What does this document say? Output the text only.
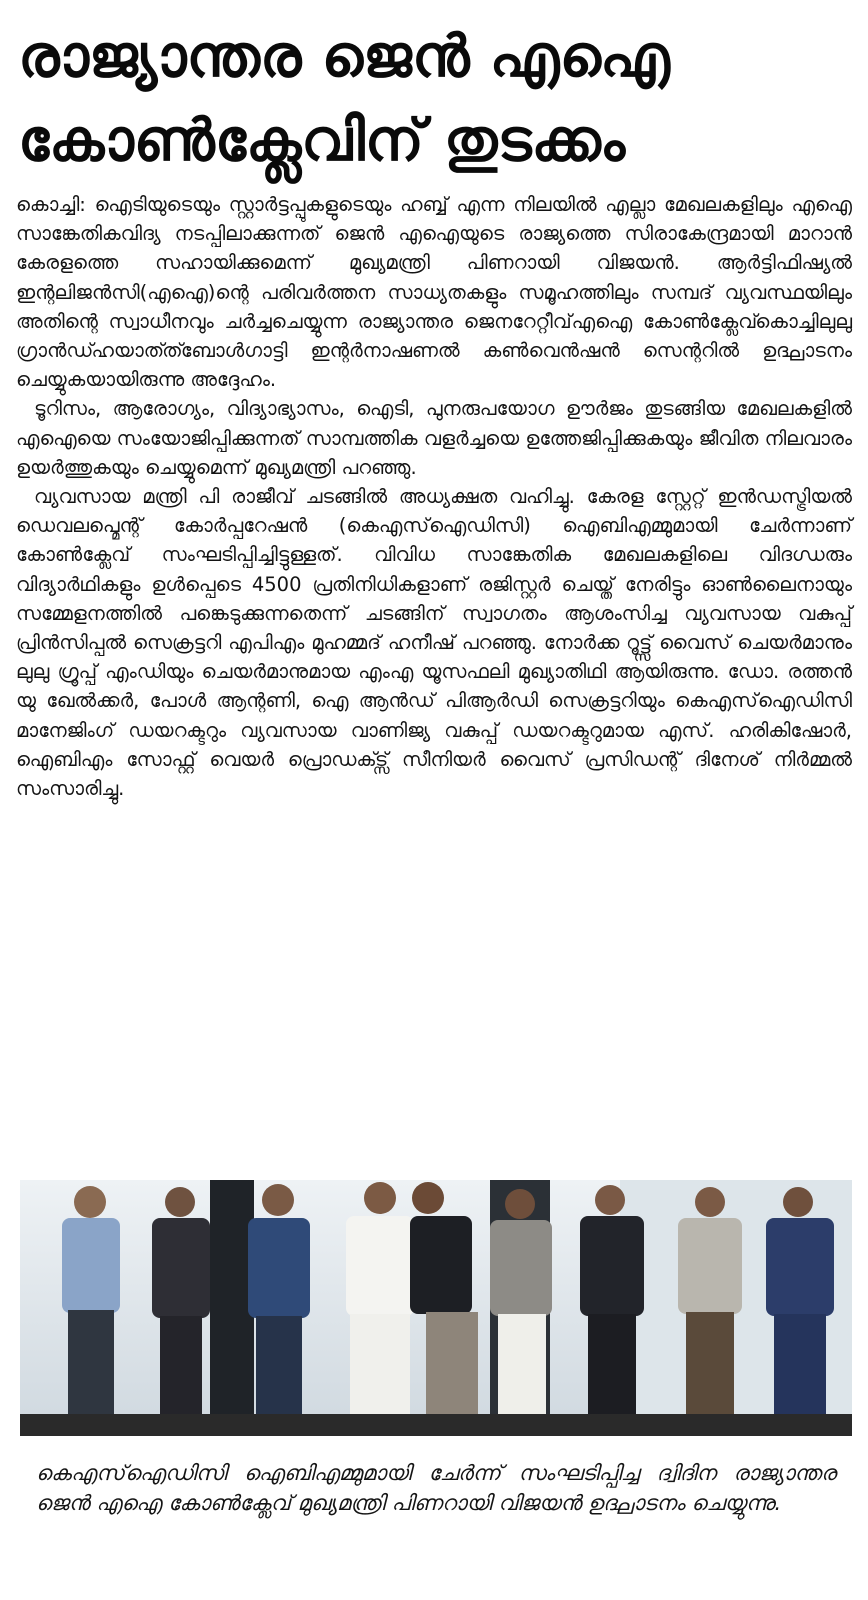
രാജ്യാന്തര ജെൻ എഐ
കോൺക്ലേവിന് തുടക്കം

കൊച്ചി: ഐടിയുടെയും സ്റ്റാർട്ടപ്പുകളുടെയും ഹബ്ബ് എന്ന നിലയിൽ എല്ലാ മേഖലകളിലും എഐ സാങ്കേതികവിദ്യ നടപ്പിലാക്കുന്നത് ജെൻ എഐയുടെ രാജ്യത്തെ സിരാകേന്ദ്രമായി മാറാൻ കേരളത്തെ സഹായിക്കുമെന്ന് മുഖ്യമന്ത്രി പിണറായി വിജയൻ. ആർട്ടിഫിഷ്യൽ ഇന്റലിജൻസി(എഐ)ന്റെ പരിവർത്തന സാധ്യതകളും സമൂഹത്തിലും സമ്പദ് വ്യവസ്ഥയിലും അതിന്റെ സ്വാധീനവും ചർച്ചചെയ്യുന്ന രാജ്യാന്തര ജെനറേറ്റീവ്എഐ കോൺക്ലേവ്കൊച്ചിലുലു ഗ്രാൻഡ്ഹയാത്ത്ബോൾഗാട്ടി ഇന്റർനാഷണൽ കൺവെൻഷൻ സെന്ററിൽ ഉദ്ഘാടനം ചെയ്യുകയായിരുന്നു അദ്ദേഹം.

ടൂറിസം, ആരോഗ്യം, വിദ്യാഭ്യാസം, ഐടി, പുനരുപയോഗ ഊർജം തുടങ്ങിയ മേഖലകളിൽ എഐയെ സംയോജിപ്പിക്കുന്നത് സാമ്പത്തിക വളർച്ചയെ ഉത്തേജിപ്പിക്കുകയും ജീവിത നിലവാരം ഉയർത്തുകയും ചെയ്യുമെന്ന് മുഖ്യമന്ത്രി പറഞ്ഞു.

വ്യവസായ മന്ത്രി പി രാജീവ് ചടങ്ങിൽ അധ്യക്ഷത വഹിച്ചു. കേരള സ്റ്റേറ്റ് ഇൻഡസ്ട്രിയൽ ഡെവലപ്മെന്റ് കോർപ്പറേഷൻ (കെഎസ്ഐഡിസി) ഐബിഎമ്മുമായി ചേർന്നാണ് കോൺക്ലേവ് സംഘടിപ്പിച്ചിട്ടുള്ളത്. വിവിധ സാങ്കേതിക മേഖലകളിലെ വിദഗ്ധരും വിദ്യാർഥികളും ഉൾപ്പെടെ 4500 പ്രതിനിധികളാണ് രജിസ്റ്റർ ചെയ്ത് നേരിട്ടും ഓൺലൈനായും സമ്മേളനത്തിൽ പങ്കെടുക്കുന്നതെന്ന് ചടങ്ങിന് സ്വാഗതം ആശംസിച്ച വ്യവസായ വകുപ്പ് പ്രിൻസിപ്പൽ സെക്രട്ടറി എപിഎം മുഹമ്മദ് ഹനീഷ് പറഞ്ഞു. നോർക്ക റൂട്ട്സ് വൈസ് ചെയർമാനും ലുലു ഗ്രൂപ്പ് എംഡിയും ചെയർമാനുമായ എംഎ യൂസഫലി മുഖ്യാതിഥി ആയിരുന്നു. ഡോ. രത്തൻ യു ഖേൽക്കർ, പോൾ ആന്റണി, ഐ ആൻഡ് പിആർഡി സെക്രട്ടറിയും കെഎസ്ഐഡിസി മാനേജിംഗ് ഡയറക്ടറും വ്യവസായ വാണിജ്യ വകുപ്പ് ഡയറക്ടറുമായ എസ്. ഹരികിഷോർ, ഐബിഎം സോഫ്റ്റ് വെയർ പ്രൊഡക്ട്സ് സീനിയർ വൈസ് പ്രസിഡന്റ് ദിനേശ് നിർമ്മൽ സംസാരിച്ചു.

കെഎസ്ഐഡിസി ഐബിഎമ്മുമായി ചേർന്ന് സംഘടിപ്പിച്ച ദ്വിദിന രാജ്യാന്തര ജെൻ എഐ കോൺക്ലേവ് മുഖ്യമന്ത്രി പിണറായി വിജയൻ ഉദ്ഘാടനം ചെയ്യുന്നു.
